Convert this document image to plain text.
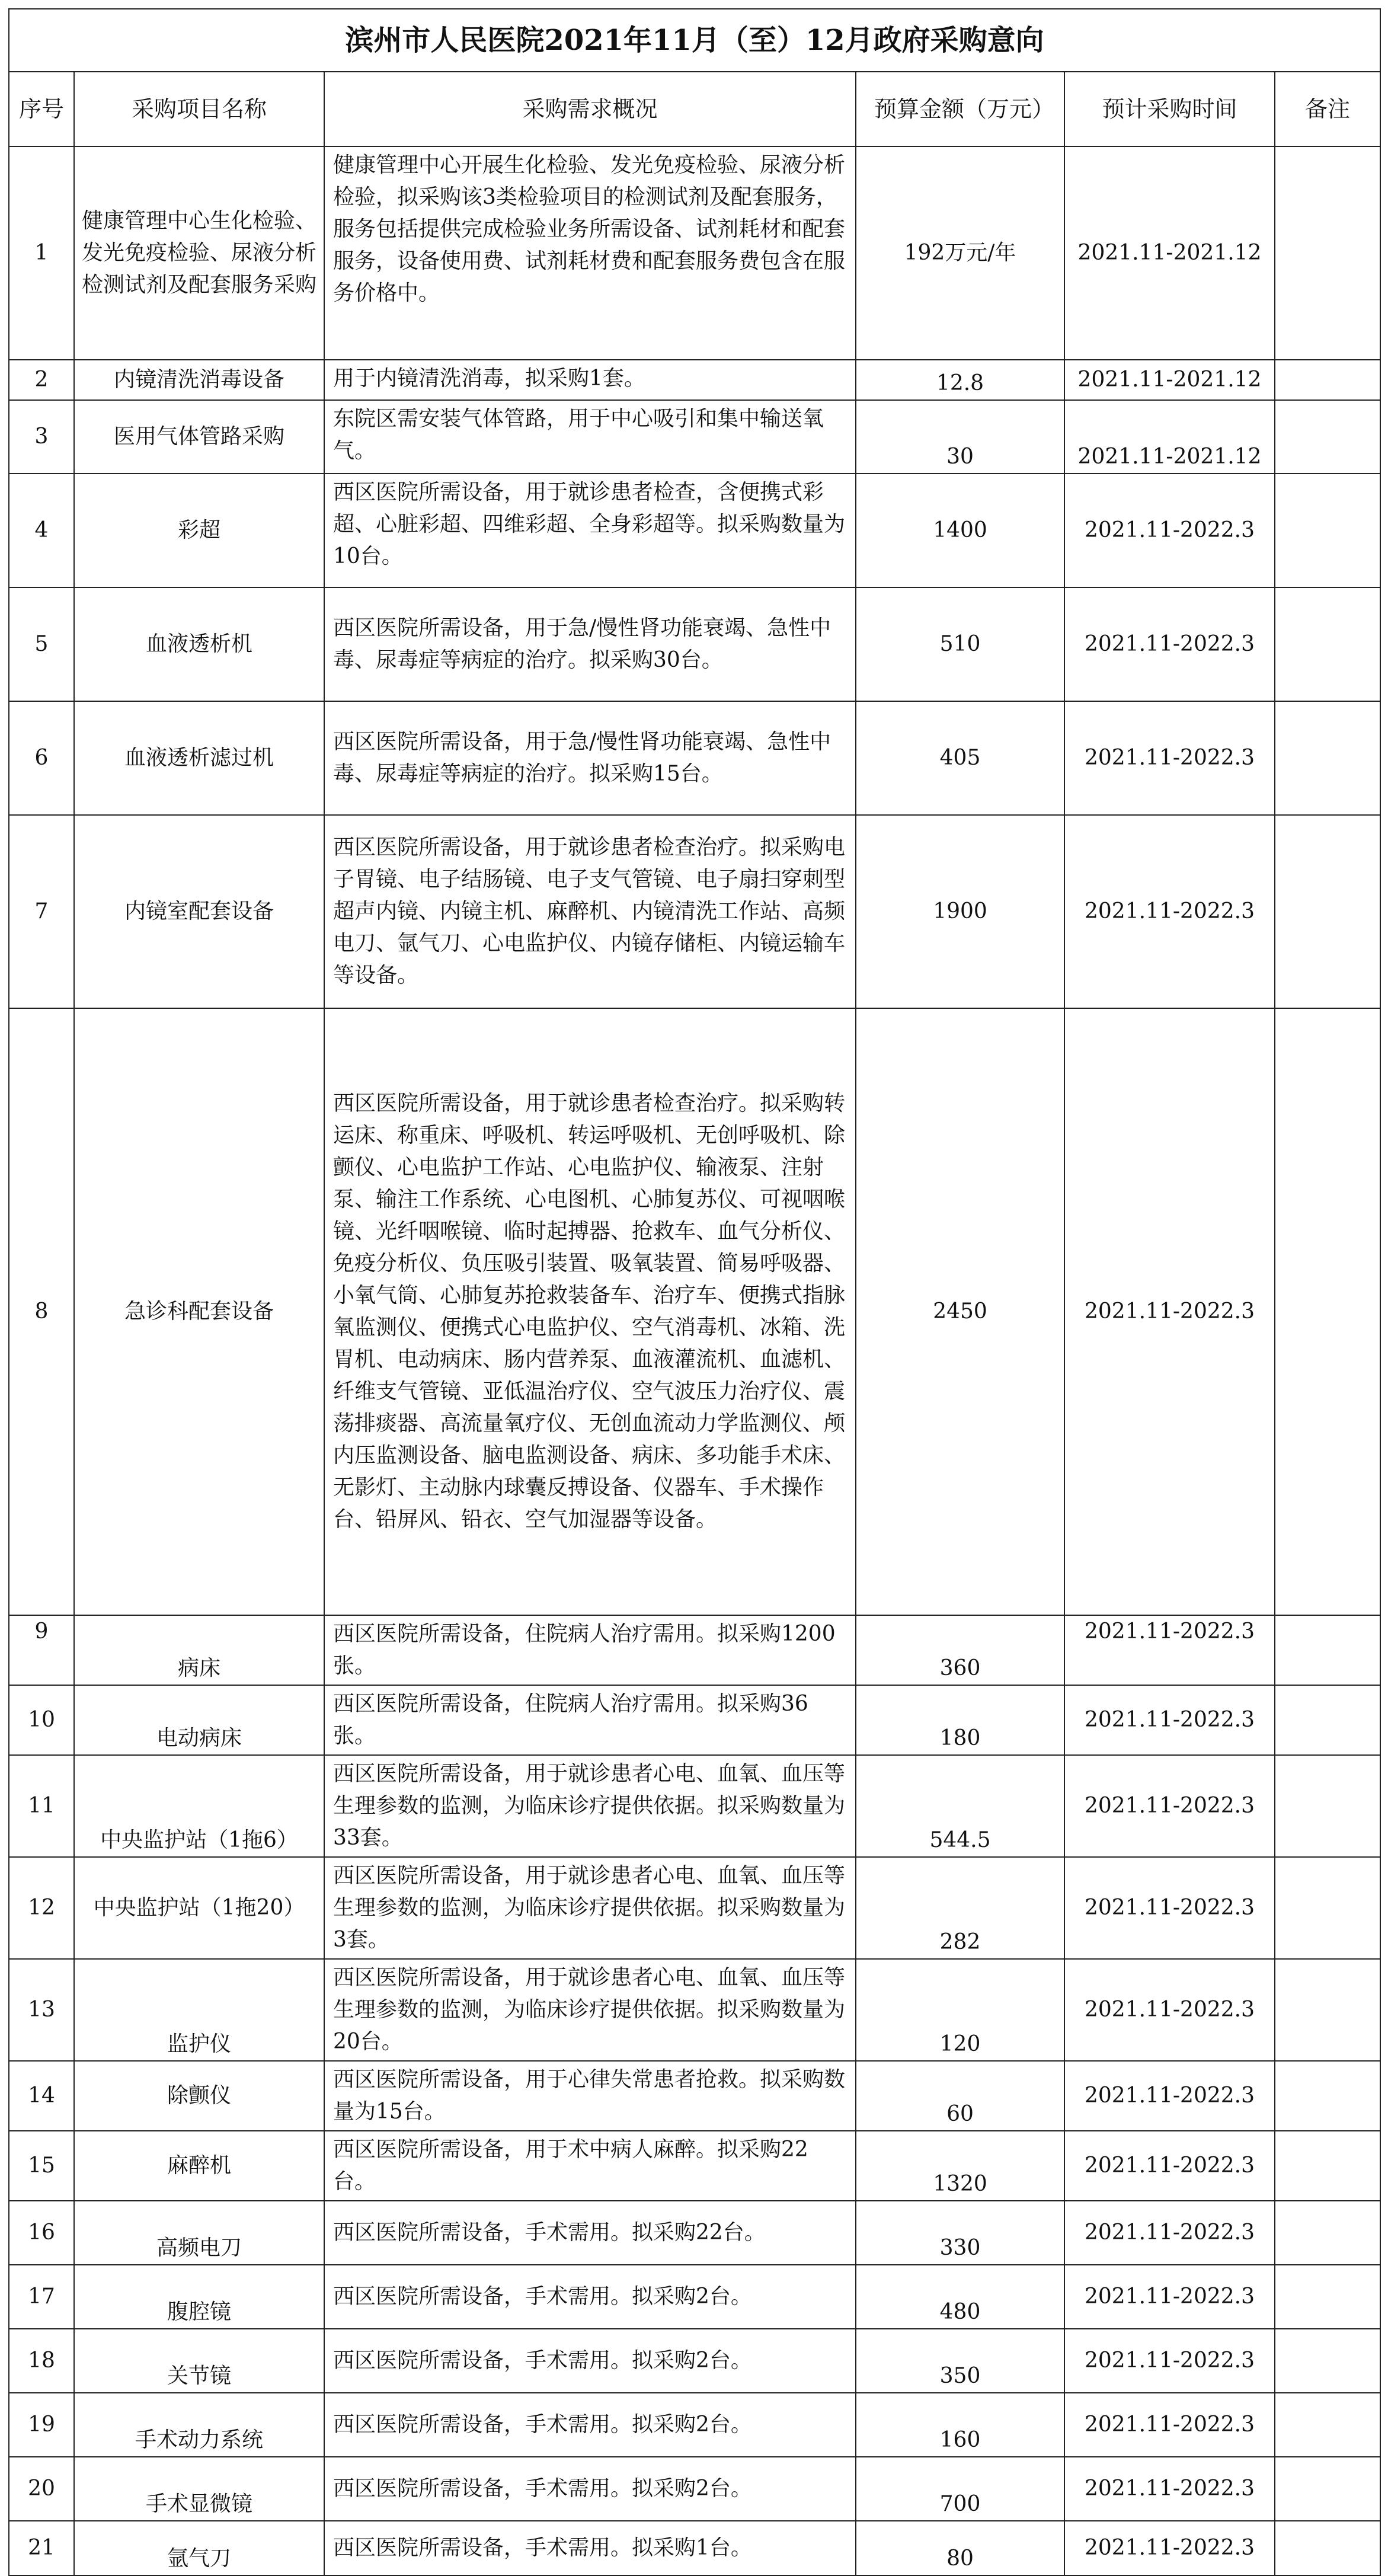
滨州市人民医院2021年11月（至）12月政府采购意向					
序号	采购项目名称	采购需求概况	预算金额（万元）	预计采购时间	备注
1	健康管理中心生化检验、发光免疫检验、尿液分析检测试剂及配套服务采购	健康管理中心开展生化检验、发光免疫检验、尿液分析检验，拟采购该3类检验项目的检测试剂及配套服务，服务包括提供完成检验业务所需设备、试剂耗材和配套服务，设备使用费、试剂耗材费和配套服务费包含在服务价格中。	192万元/年	2021.11-2021.12	
2	内镜清洗消毒设备	用于内镜清洗消毒，拟采购1套。	12.8	2021.11-2021.12	
3	医用气体管路采购	东院区需安装气体管路，用于中心吸引和集中输送氧气。	30	2021.11-2021.12	
4	彩超	西区医院所需设备，用于就诊患者检查，含便携式彩超、心脏彩超、四维彩超、全身彩超等。拟采购数量为10台。	1400	2021.11-2022.3	
5	血液透析机	西区医院所需设备，用于急/慢性肾功能衰竭、急性中毒、尿毒症等病症的治疗。拟采购30台。	510	2021.11-2022.3	
6	血液透析滤过机	西区医院所需设备，用于急/慢性肾功能衰竭、急性中毒、尿毒症等病症的治疗。拟采购15台。	405	2021.11-2022.3	
7	内镜室配套设备	西区医院所需设备，用于就诊患者检查治疗。拟采购电子胃镜、电子结肠镜、电子支气管镜、电子扇扫穿刺型超声内镜、内镜主机、麻醉机、内镜清洗工作站、高频电刀、氩气刀、心电监护仪、内镜存储柜、内镜运输车等设备。	1900	2021.11-2022.3	
8	急诊科配套设备	西区医院所需设备，用于就诊患者检查治疗。拟采购转运床、称重床、呼吸机、转运呼吸机、无创呼吸机、除颤仪、心电监护工作站、心电监护仪、输液泵、注射泵、输注工作系统、心电图机、心肺复苏仪、可视咽喉镜、光纤咽喉镜、临时起搏器、抢救车、血气分析仪、免疫分析仪、负压吸引装置、吸氧装置、简易呼吸器、小氧气筒、心肺复苏抢救装备车、治疗车、便携式指脉氧监测仪、便携式心电监护仪、空气消毒机、冰箱、洗胃机、电动病床、肠内营养泵、血液灌流机、血滤机、纤维支气管镜、亚低温治疗仪、空气波压力治疗仪、震荡排痰器、高流量氧疗仪、无创血流动力学监测仪、颅内压监测设备、脑电监测设备、病床、多功能手术床、无影灯、主动脉内球囊反搏设备、仪器车、手术操作台、铅屏风、铅衣、空气加湿器等设备。	2450	2021.11-2022.3	
9	病床	西区医院所需设备，住院病人治疗需用。拟采购1200张。	360	2021.11-2022.3	
10	电动病床	西区医院所需设备，住院病人治疗需用。拟采购36张。	180	2021.11-2022.3	
11	中央监护站（1拖6）	西区医院所需设备，用于就诊患者心电、血氧、血压等生理参数的监测，为临床诊疗提供依据。拟采购数量为33套。	544.5	2021.11-2022.3	
12	中央监护站（1拖20）	西区医院所需设备，用于就诊患者心电、血氧、血压等生理参数的监测，为临床诊疗提供依据。拟采购数量为3套。	282	2021.11-2022.3	
13	监护仪	西区医院所需设备，用于就诊患者心电、血氧、血压等生理参数的监测，为临床诊疗提供依据。拟采购数量为20台。	120	2021.11-2022.3	
14	除颤仪	西区医院所需设备，用于心律失常患者抢救。拟采购数量为15台。	60	2021.11-2022.3	
15	麻醉机	西区医院所需设备，用于术中病人麻醉。拟采购22台。	1320	2021.11-2022.3	
16	高频电刀	西区医院所需设备，手术需用。拟采购22台。	330	2021.11-2022.3	
17	腹腔镜	西区医院所需设备，手术需用。拟采购2台。	480	2021.11-2022.3	
18	关节镜	西区医院所需设备，手术需用。拟采购2台。	350	2021.11-2022.3	
19	手术动力系统	西区医院所需设备，手术需用。拟采购2台。	160	2021.11-2022.3	
20	手术显微镜	西区医院所需设备，手术需用。拟采购2台。	700	2021.11-2022.3	
21	氩气刀	西区医院所需设备，手术需用。拟采购1台。	80	2021.11-2022.3	
